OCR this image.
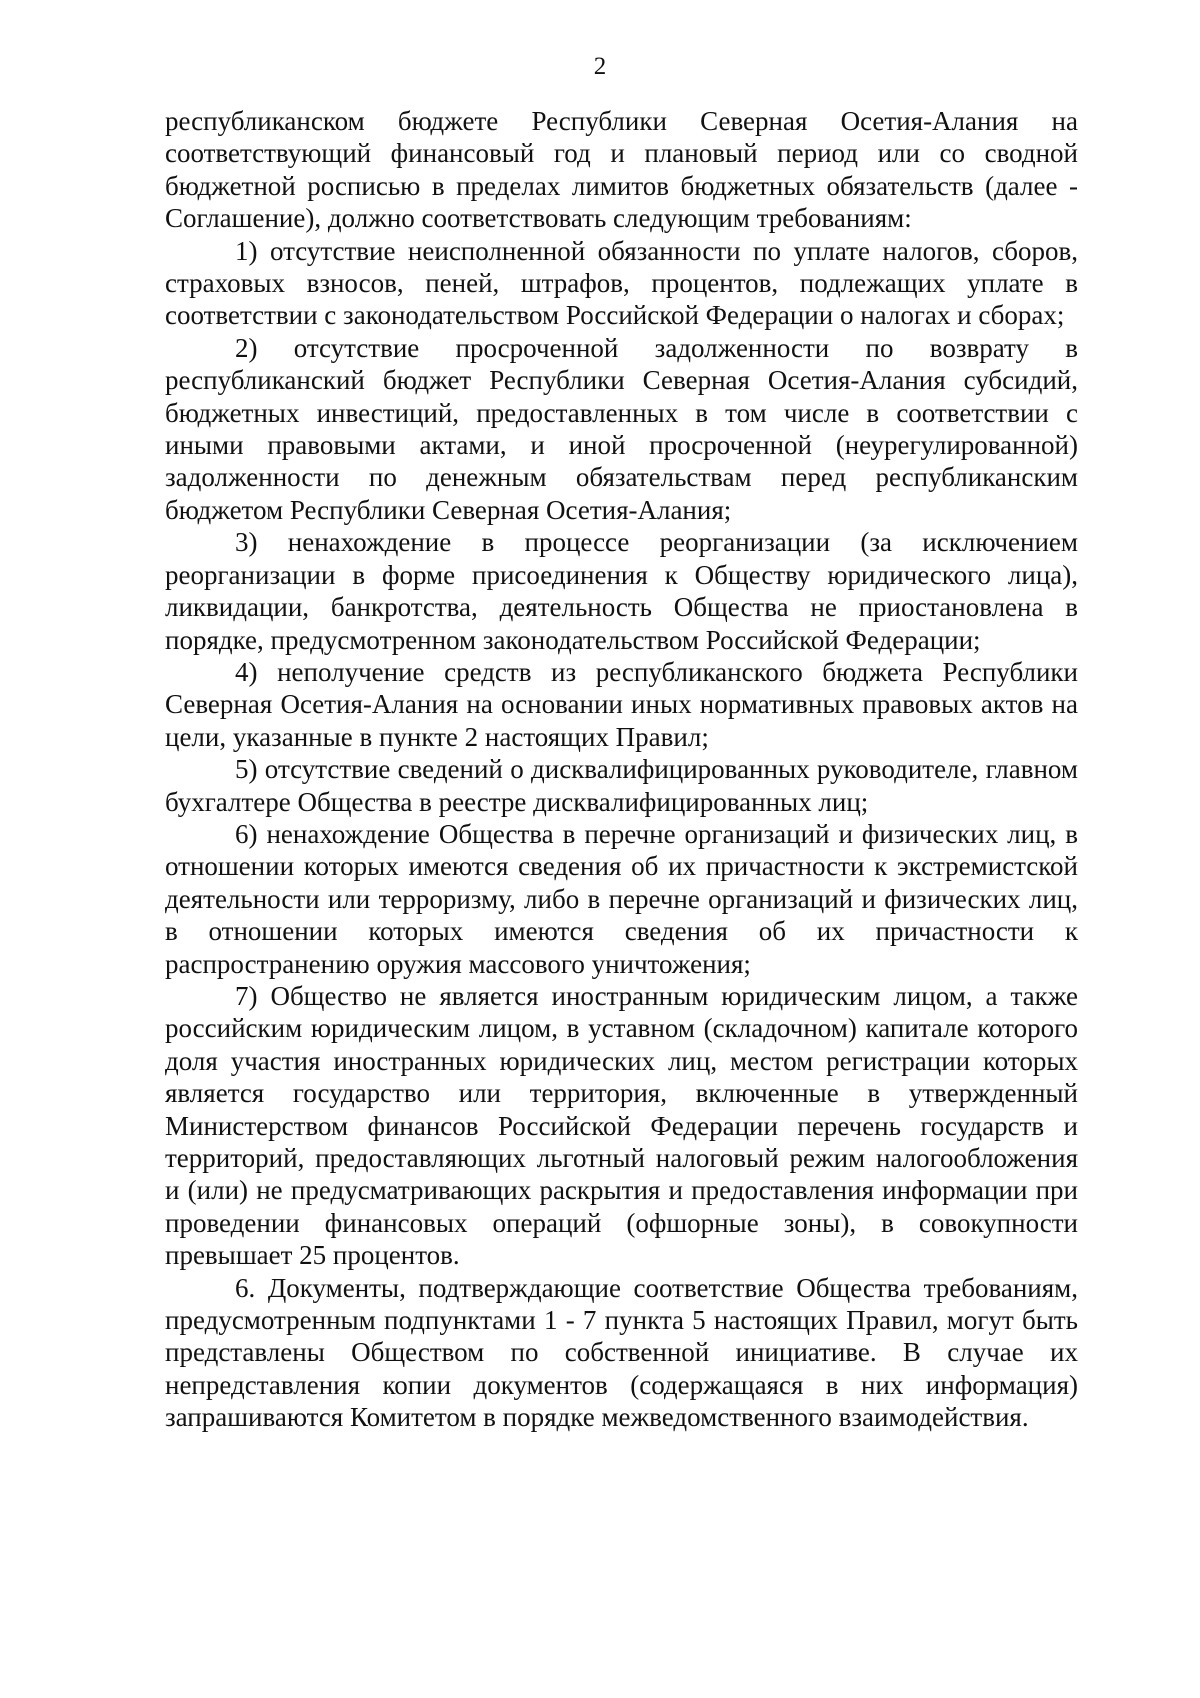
2

республиканском бюджете Республики Северная Осетия-Алания на соответствующий финансовый год и плановый период или со сводной бюджетной росписью в пределах лимитов бюджетных обязательств (далее - Соглашение), должно соответствовать следующим требованиям:

1) отсутствие неисполненной обязанности по уплате налогов, сборов, страховых взносов, пеней, штрафов, процентов, подлежащих уплате в соответствии с законодательством Российской Федерации о налогах и сборах;

2) отсутствие просроченной задолженности по возврату в республиканский бюджет Республики Северная Осетия-Алания субсидий, бюджетных инвестиций, предоставленных в том числе в соответствии с иными правовыми актами, и иной просроченной (неурегулированной) задолженности по денежным обязательствам перед республиканским бюджетом Республики Северная Осетия-Алания;

3) ненахождение в процессе реорганизации (за исключением реорганизации в форме присоединения к Обществу юридического лица), ликвидации, банкротства, деятельность Общества не приостановлена в порядке, предусмотренном законодательством Российской Федерации;

4) неполучение средств из республиканского бюджета Республики Северная Осетия-Алания на основании иных нормативных правовых актов на цели, указанные в пункте 2 настоящих Правил;

5) отсутствие сведений о дисквалифицированных руководителе, главном бухгалтере Общества в реестре дисквалифицированных лиц;

6) ненахождение Общества в перечне организаций и физических лиц, в отношении которых имеются сведения об их причастности к экстремистской деятельности или терроризму, либо в перечне организаций и физических лиц, в отношении которых имеются сведения об их причастности к распространению оружия массового уничтожения;

7) Общество не является иностранным юридическим лицом, а также российским юридическим лицом, в уставном (складочном) капитале которого доля участия иностранных юридических лиц, местом регистрации которых является государство или территория, включенные в утвержденный Министерством финансов Российской Федерации перечень государств и территорий, предоставляющих льготный налоговый режим налогообложения и (или) не предусматривающих раскрытия и предоставления информации при проведении финансовых операций (офшорные зоны), в совокупности превышает 25 процентов.

6. Документы, подтверждающие соответствие Общества требованиям, предусмотренным подпунктами 1 - 7 пункта 5 настоящих Правил, могут быть представлены Обществом по собственной инициативе. В случае их непредставления копии документов (содержащаяся в них информация) запрашиваются Комитетом в порядке межведомственного взаимодействия.
